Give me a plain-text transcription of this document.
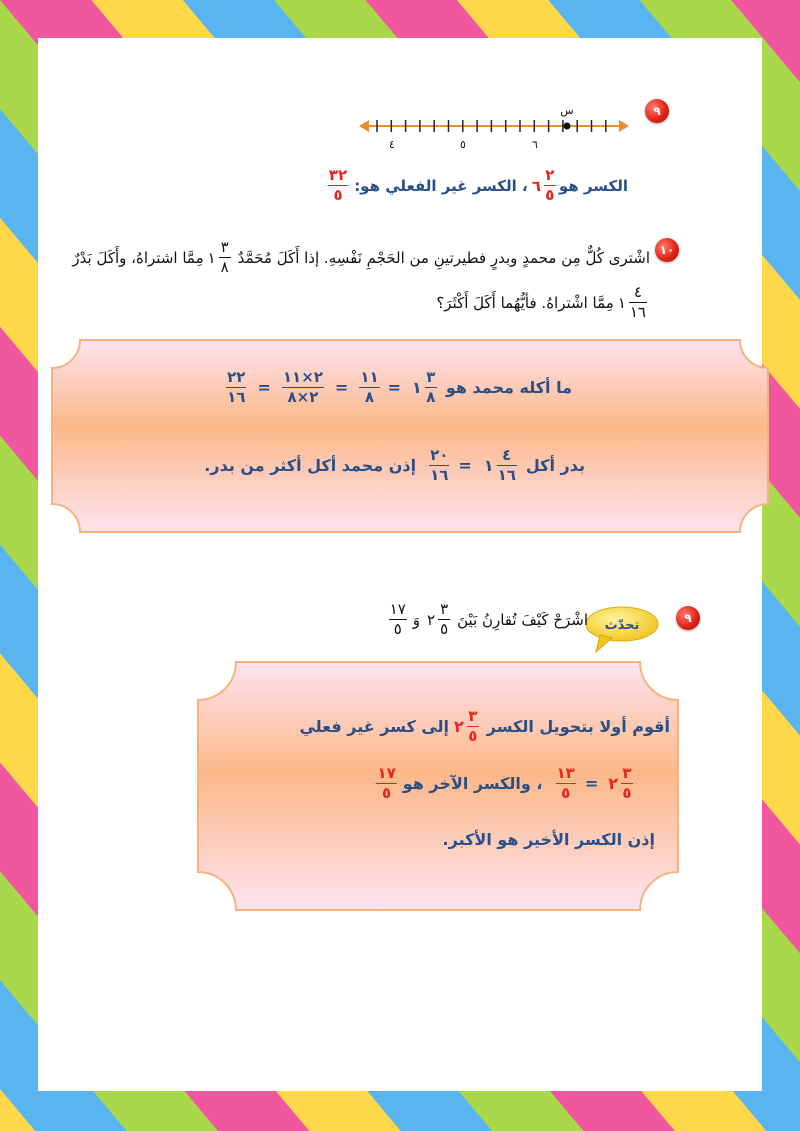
٩
س
٤	٥	٦
الكسر هو
$\frac{٢}{٥}$
٦
، الكسر غير الفعلي هو:
$\frac{٣٢}{٥}$
١٠
اشْترى كُلٌّ مِن محمدٍ وبدرٍ فطيرتينِ من الحَجْمِ نَفْسِهِ. إذا أَكَلَ مُحَمَّدٌ
$\frac{٣}{٨}$
١
مِمَّا اشتراهُ، وأَكَلَ بَدْرٌ
$\frac{٤}{١٦}$
١
مِمَّا اشْتراهُ. فأيُّهُما أَكَلَ أَكْثَرَ؟
ما أكله محمد هو
$\frac{٣}{٨}$
١
=
$\frac{١١}{٨}$
=
$\frac{٢\times ١١}{٢\times ٨}$
=
$\frac{٢٢}{١٦}$
بدر أكل
$\frac{٤}{١٦}$
١
=
$\frac{٢٠}{١٦}$
إذن محمد أكل أكثر من بدر.
٩
تحدّث
اشْرَحْ كَيْفَ تُقارِنُ بَيْنَ
$\frac{٣}{٥}$
٢
وَ
$\frac{١٧}{٥}$
أقوم أولا بتحويل الكسر
$\frac{٣}{٥}$
٢
إلى كسر غير فعلي
$\frac{٣}{٥}$
٢
=
$\frac{١٣}{٥}$
، والكسر الآخر هو
$\frac{١٧}{٥}$
إذن الكسر الأخير هو الأكبر.
